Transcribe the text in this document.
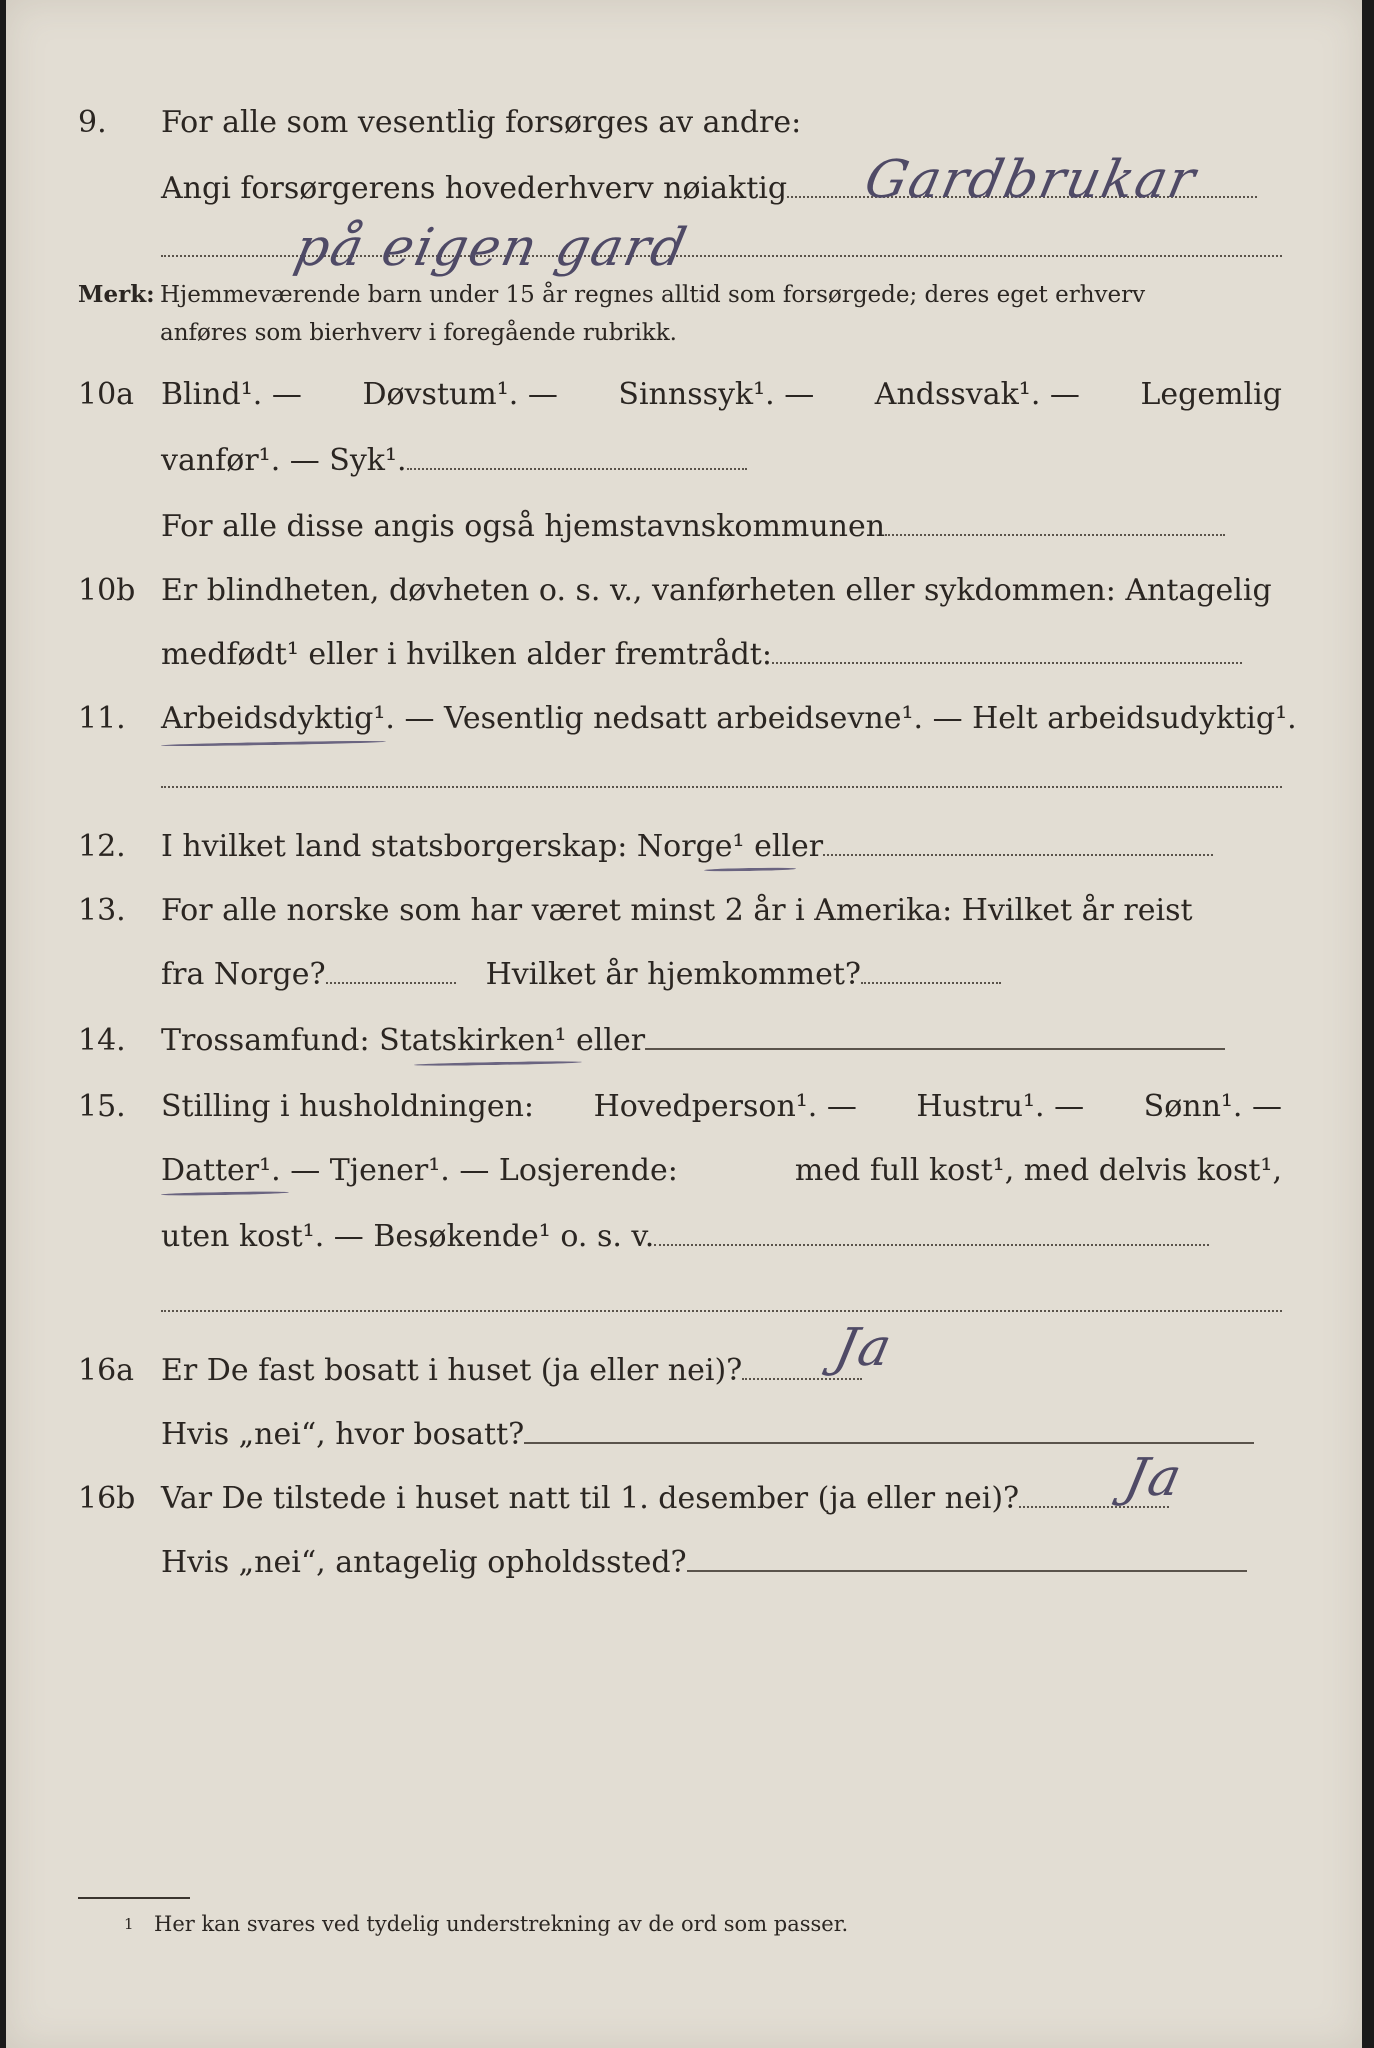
9. For alle som vesentlig forsørges av andre:
Angi forsørgerens hovederhverv nøiaktig	Gardbrukar
på eigen gard
Merk: Hjemmeværende barn under 15 år regnes alltid som forsørgede; deres eget erhverv
anføres som bierhverv i foregående rubrikk.
10a Blind¹. — Døvstum¹. — Sinnssyk¹. — Andssvak¹. — Legemlig
vanfør¹. — Syk¹.
For alle disse angis også hjemstavnskommunen
10b Er blindheten, døvheten o. s. v., vanførheten eller sykdommen: Antagelig
medfødt¹ eller i hvilken alder fremtrådt:
11. Arbeidsdyktig¹. — Vesentlig nedsatt arbeidsevne¹. — Helt arbeidsudyktig¹.
12. I hvilket land statsborgerskap: Norge¹ eller
13. For alle norske som har været minst 2 år i Amerika: Hvilket år reist
fra Norge?	Hvilket år hjemkommet?
14. Trossamfund: Statskirken¹ eller
15. Stilling i husholdningen: Hovedperson¹. — Hustru¹. — Sønn¹. —
Datter¹. — Tjener¹. — Losjerende:	med full kost¹, med delvis kost¹,
uten kost¹. — Besøkende¹ o. s. v.
16a Er De fast bosatt i huset (ja eller nei)?	Ja
Hvis „nei“, hvor bosatt?
16b Var De tilstede i huset natt til 1. desember (ja eller nei)?	Ja
Hvis „nei“, antagelig opholdssted?
1 Her kan svares ved tydelig understrekning av de ord som passer.
